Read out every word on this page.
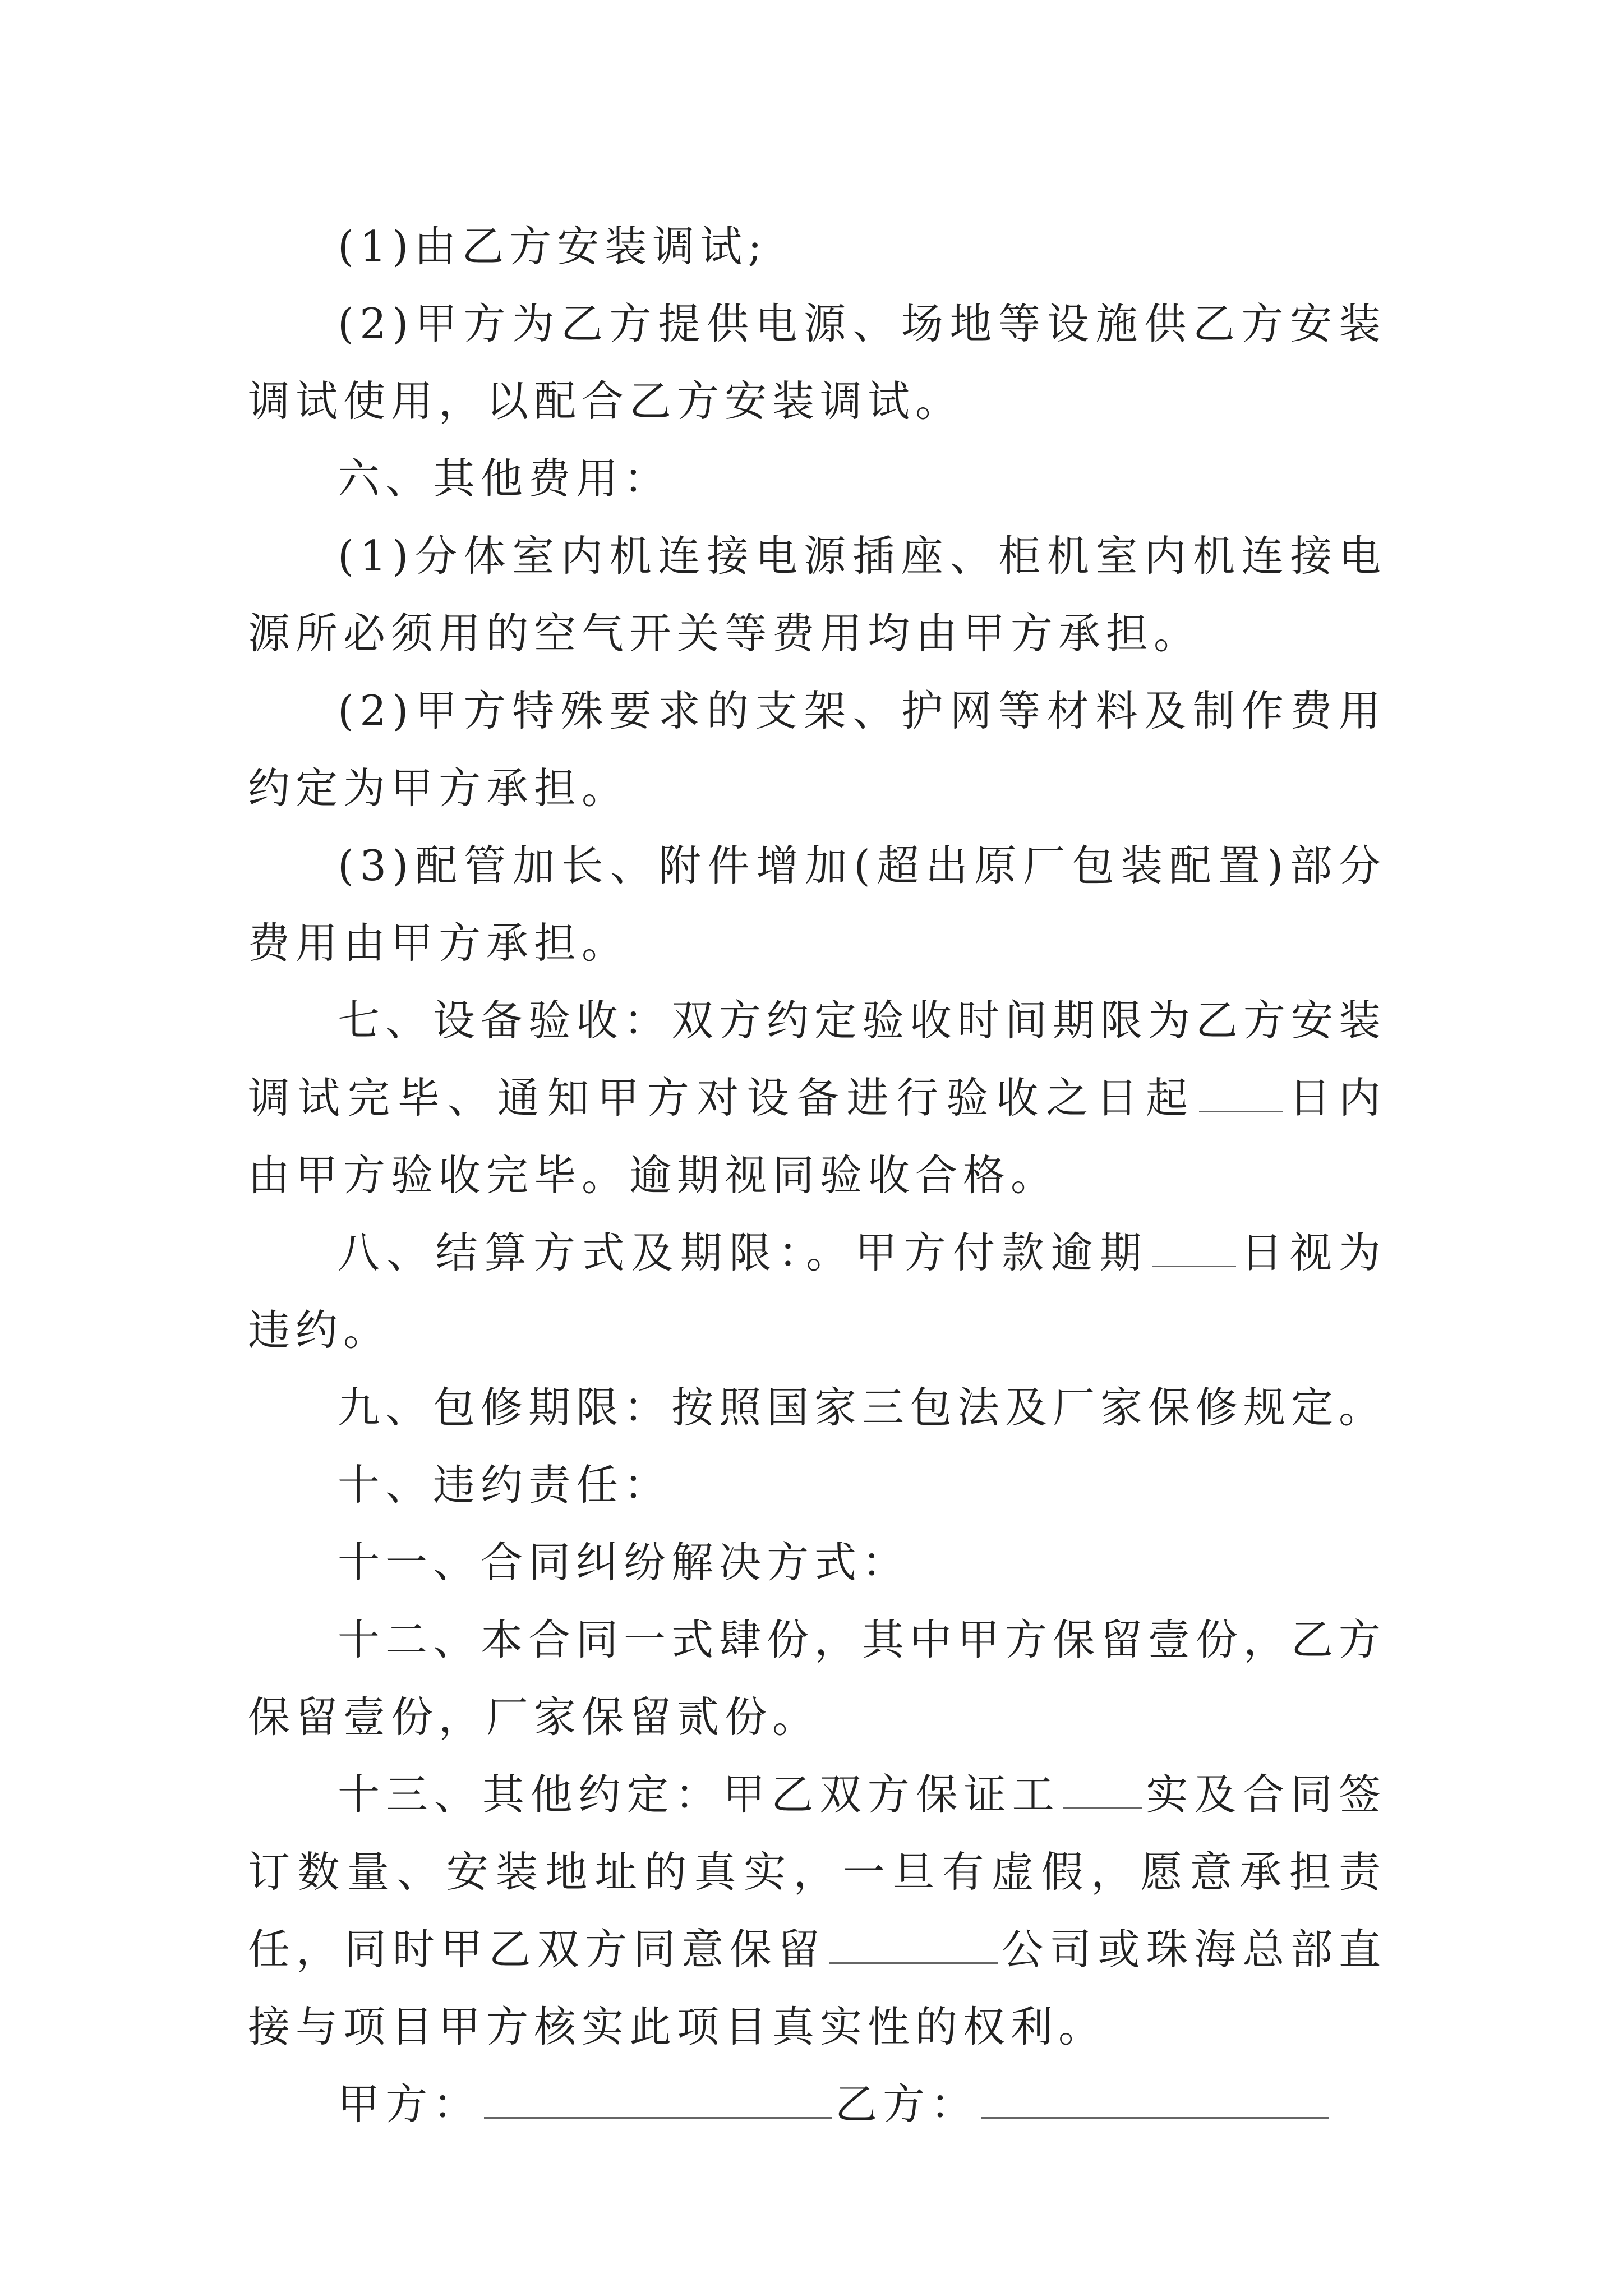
(1)由乙方安装调试;

(2)甲方为乙方提供电源、场地等设施供乙方安装调试使用，以配合乙方安装调试。

六、其他费用：

(1)分体室内机连接电源插座、柜机室内机连接电源所必须用的空气开关等费用均由甲方承担。

(2)甲方特殊要求的支架、护网等材料及制作费用约定为甲方承担。

(3)配管加长、附件增加(超出原厂包装配置)部分费用由甲方承担。

七、设备验收：双方约定验收时间期限为乙方安装调试完毕、通知甲方对设备进行验收之日起 日内由甲方验收完毕。逾期视同验收合格。

八、结算方式及期限：。甲方付款逾期 日视为违约。

九、包修期限：按照国家三包法及厂家保修规定。

十、违约责任：

十一、合同纠纷解决方式：

十二、本合同一式肆份，其中甲方保留壹份，乙方保留壹份，厂家保留贰份。

十三、其他约定：甲乙双方保证工 实及合同签订数量、安装地址的真实，一旦有虚假，愿意承担责任，同时甲乙双方同意保留	公司或珠海总部直接与项目甲方核实此项目真实性的权利。

甲方：	乙方：
